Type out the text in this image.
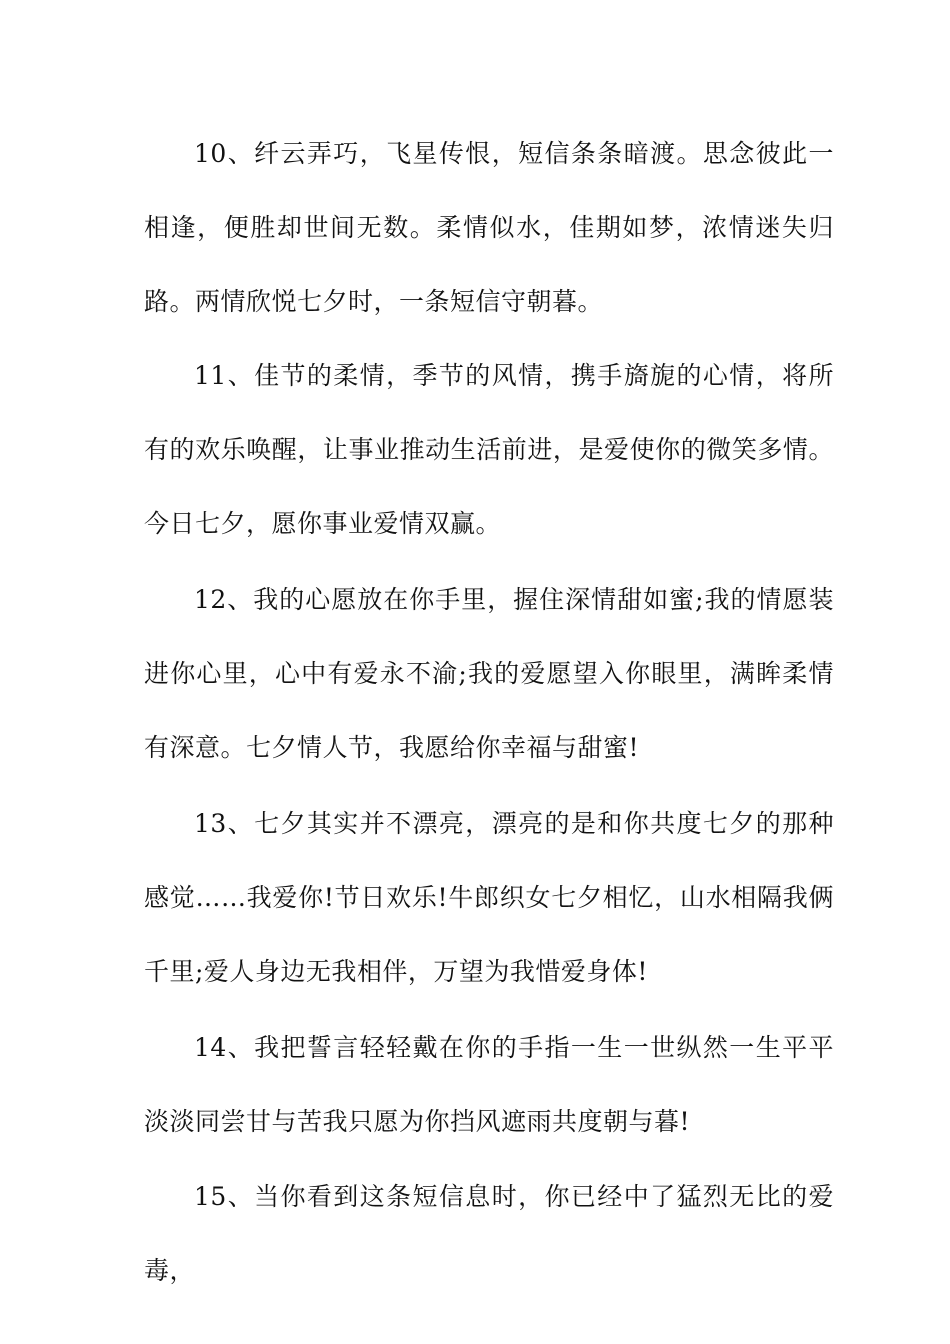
10、纤云弄巧，飞星传恨，短信条条暗渡。思念彼此一相逢，便胜却世间无数。柔情似水，佳期如梦，浓情迷失归路。两情欣悦七夕时，一条短信守朝暮。

11、佳节的柔情，季节的风情，携手旖旎的心情，将所有的欢乐唤醒，让事业推动生活前进，是爱使你的微笑多情。今日七夕，愿你事业爱情双赢。

12、我的心愿放在你手里，握住深情甜如蜜;我的情愿装进你心里，心中有爱永不渝;我的爱愿望入你眼里，满眸柔情有深意。七夕情人节，我愿给你幸福与甜蜜!

13、七夕其实并不漂亮，漂亮的是和你共度七夕的那种感觉……我爱你!节日欢乐!牛郎织女七夕相忆，山水相隔我俩千里;爱人身边无我相伴，万望为我惜爱身体!

14、我把誓言轻轻戴在你的手指一生一世纵然一生平平淡淡同尝甘与苦我只愿为你挡风遮雨共度朝与暮!

15、当你看到这条短信息时，你已经中了猛烈无比的爱毒，
